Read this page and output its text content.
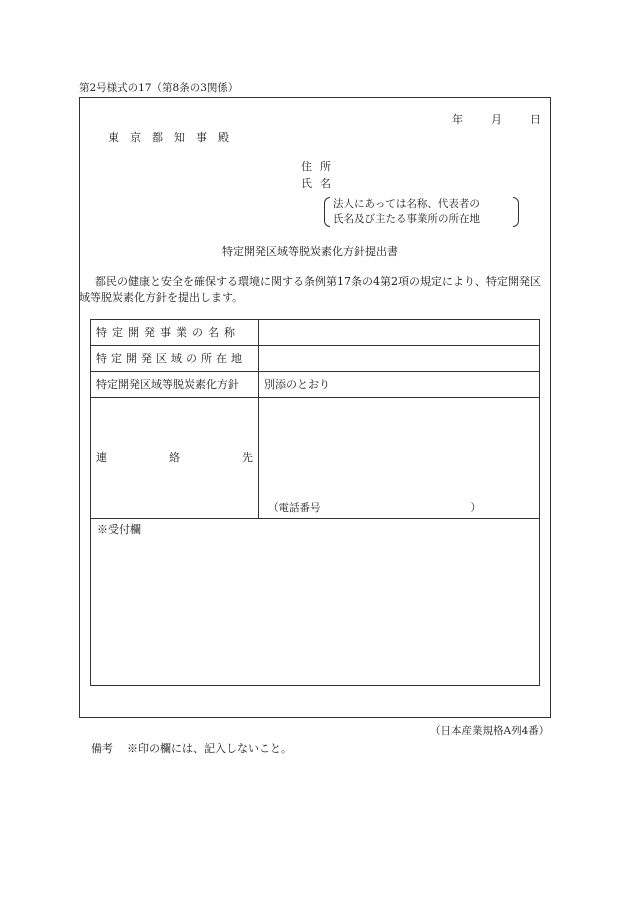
第2号様式の17（第8条の3関係）
年	月	日
東京都知事殿
住所
氏名
法人にあっては名称、代表者の
氏名及び主たる事業所の所在地
特定開発区域等脱炭素化方針提出書

都民の健康と安全を確保する環境に関する条例第17条の4第2項の規定により、特定開発区域等脱炭素化方針を提出します。

特定開発事業の名称	
特定開発区域の所在地	
特定開発区域等脱炭素化方針	別添のとおり

連 絡 先	（電話番号 ）
※受付欄
（日本産業規格A列4番）
備考 ※印の欄には、記入しないこと。
